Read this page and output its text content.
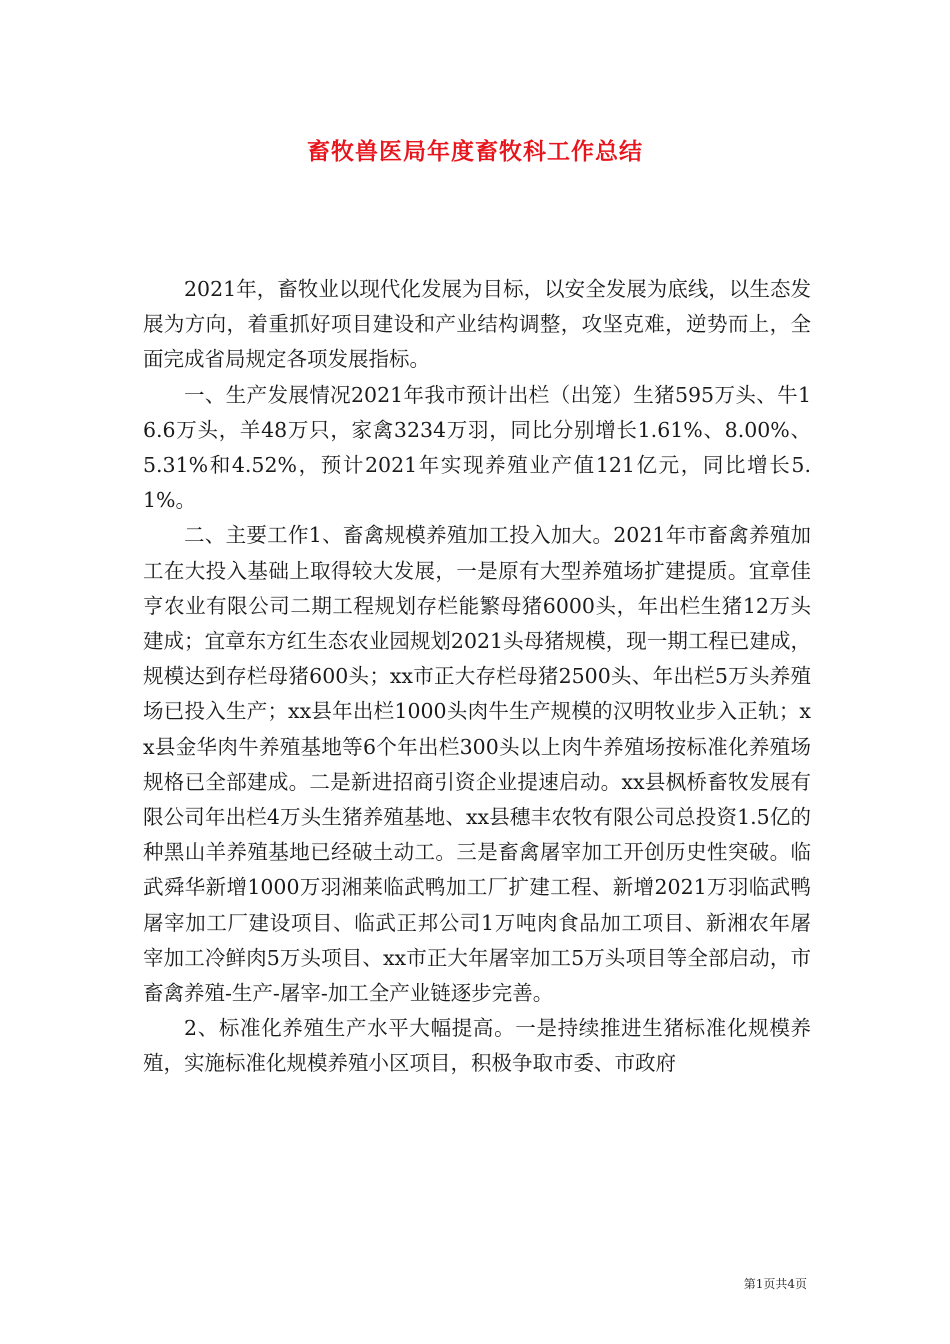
畜牧兽医局年度畜牧科工作总结

2021年，畜牧业以现代化发展为目标，以安全发展为底线，以生态发展为方向，着重抓好项目建设和产业结构调整，攻坚克难，逆势而上，全面完成省局规定各项发展指标。

一、生产发展情况2021年我市预计出栏（出笼）生猪595万头、牛16.6万头，羊48万只，家禽3234万羽，同比分别增长1.61%、8.00%、5.31%和4.52%，预计2021年实现养殖业产值121亿元，同比增长5.1%。

二、主要工作1、畜禽规模养殖加工投入加大。2021年市畜禽养殖加工在大投入基础上取得较大发展，一是原有大型养殖场扩建提质。宜章佳亨农业有限公司二期工程规划存栏能繁母猪6000头，年出栏生猪12万头建成；宜章东方红生态农业园规划2021头母猪规模，现一期工程已建成，规模达到存栏母猪600头；xx市正大存栏母猪2500头、年出栏5万头养殖场已投入生产；xx县年出栏1000头肉牛生产规模的汉明牧业步入正轨；xx县金华肉牛养殖基地等6个年出栏300头以上肉牛养殖场按标准化养殖场规格已全部建成。二是新进招商引资企业提速启动。xx县枫桥畜牧发展有限公司年出栏4万头生猪养殖基地、xx县穗丰农牧有限公司总投资1.5亿的种黑山羊养殖基地已经破土动工。三是畜禽屠宰加工开创历史性突破。临武舜华新增1000万羽湘莱临武鸭加工厂扩建工程、新增2021万羽临武鸭屠宰加工厂建设项目、临武正邦公司1万吨肉食品加工项目、新湘农年屠宰加工冷鲜肉5万头项目、xx市正大年屠宰加工5万头项目等全部启动，市畜禽养殖-生产-屠宰-加工全产业链逐步完善。

2、标准化养殖生产水平大幅提高。一是持续推进生猪标准化规模养殖，实施标准化规模养殖小区项目，积极争取市委、市政府

第1页共4页
